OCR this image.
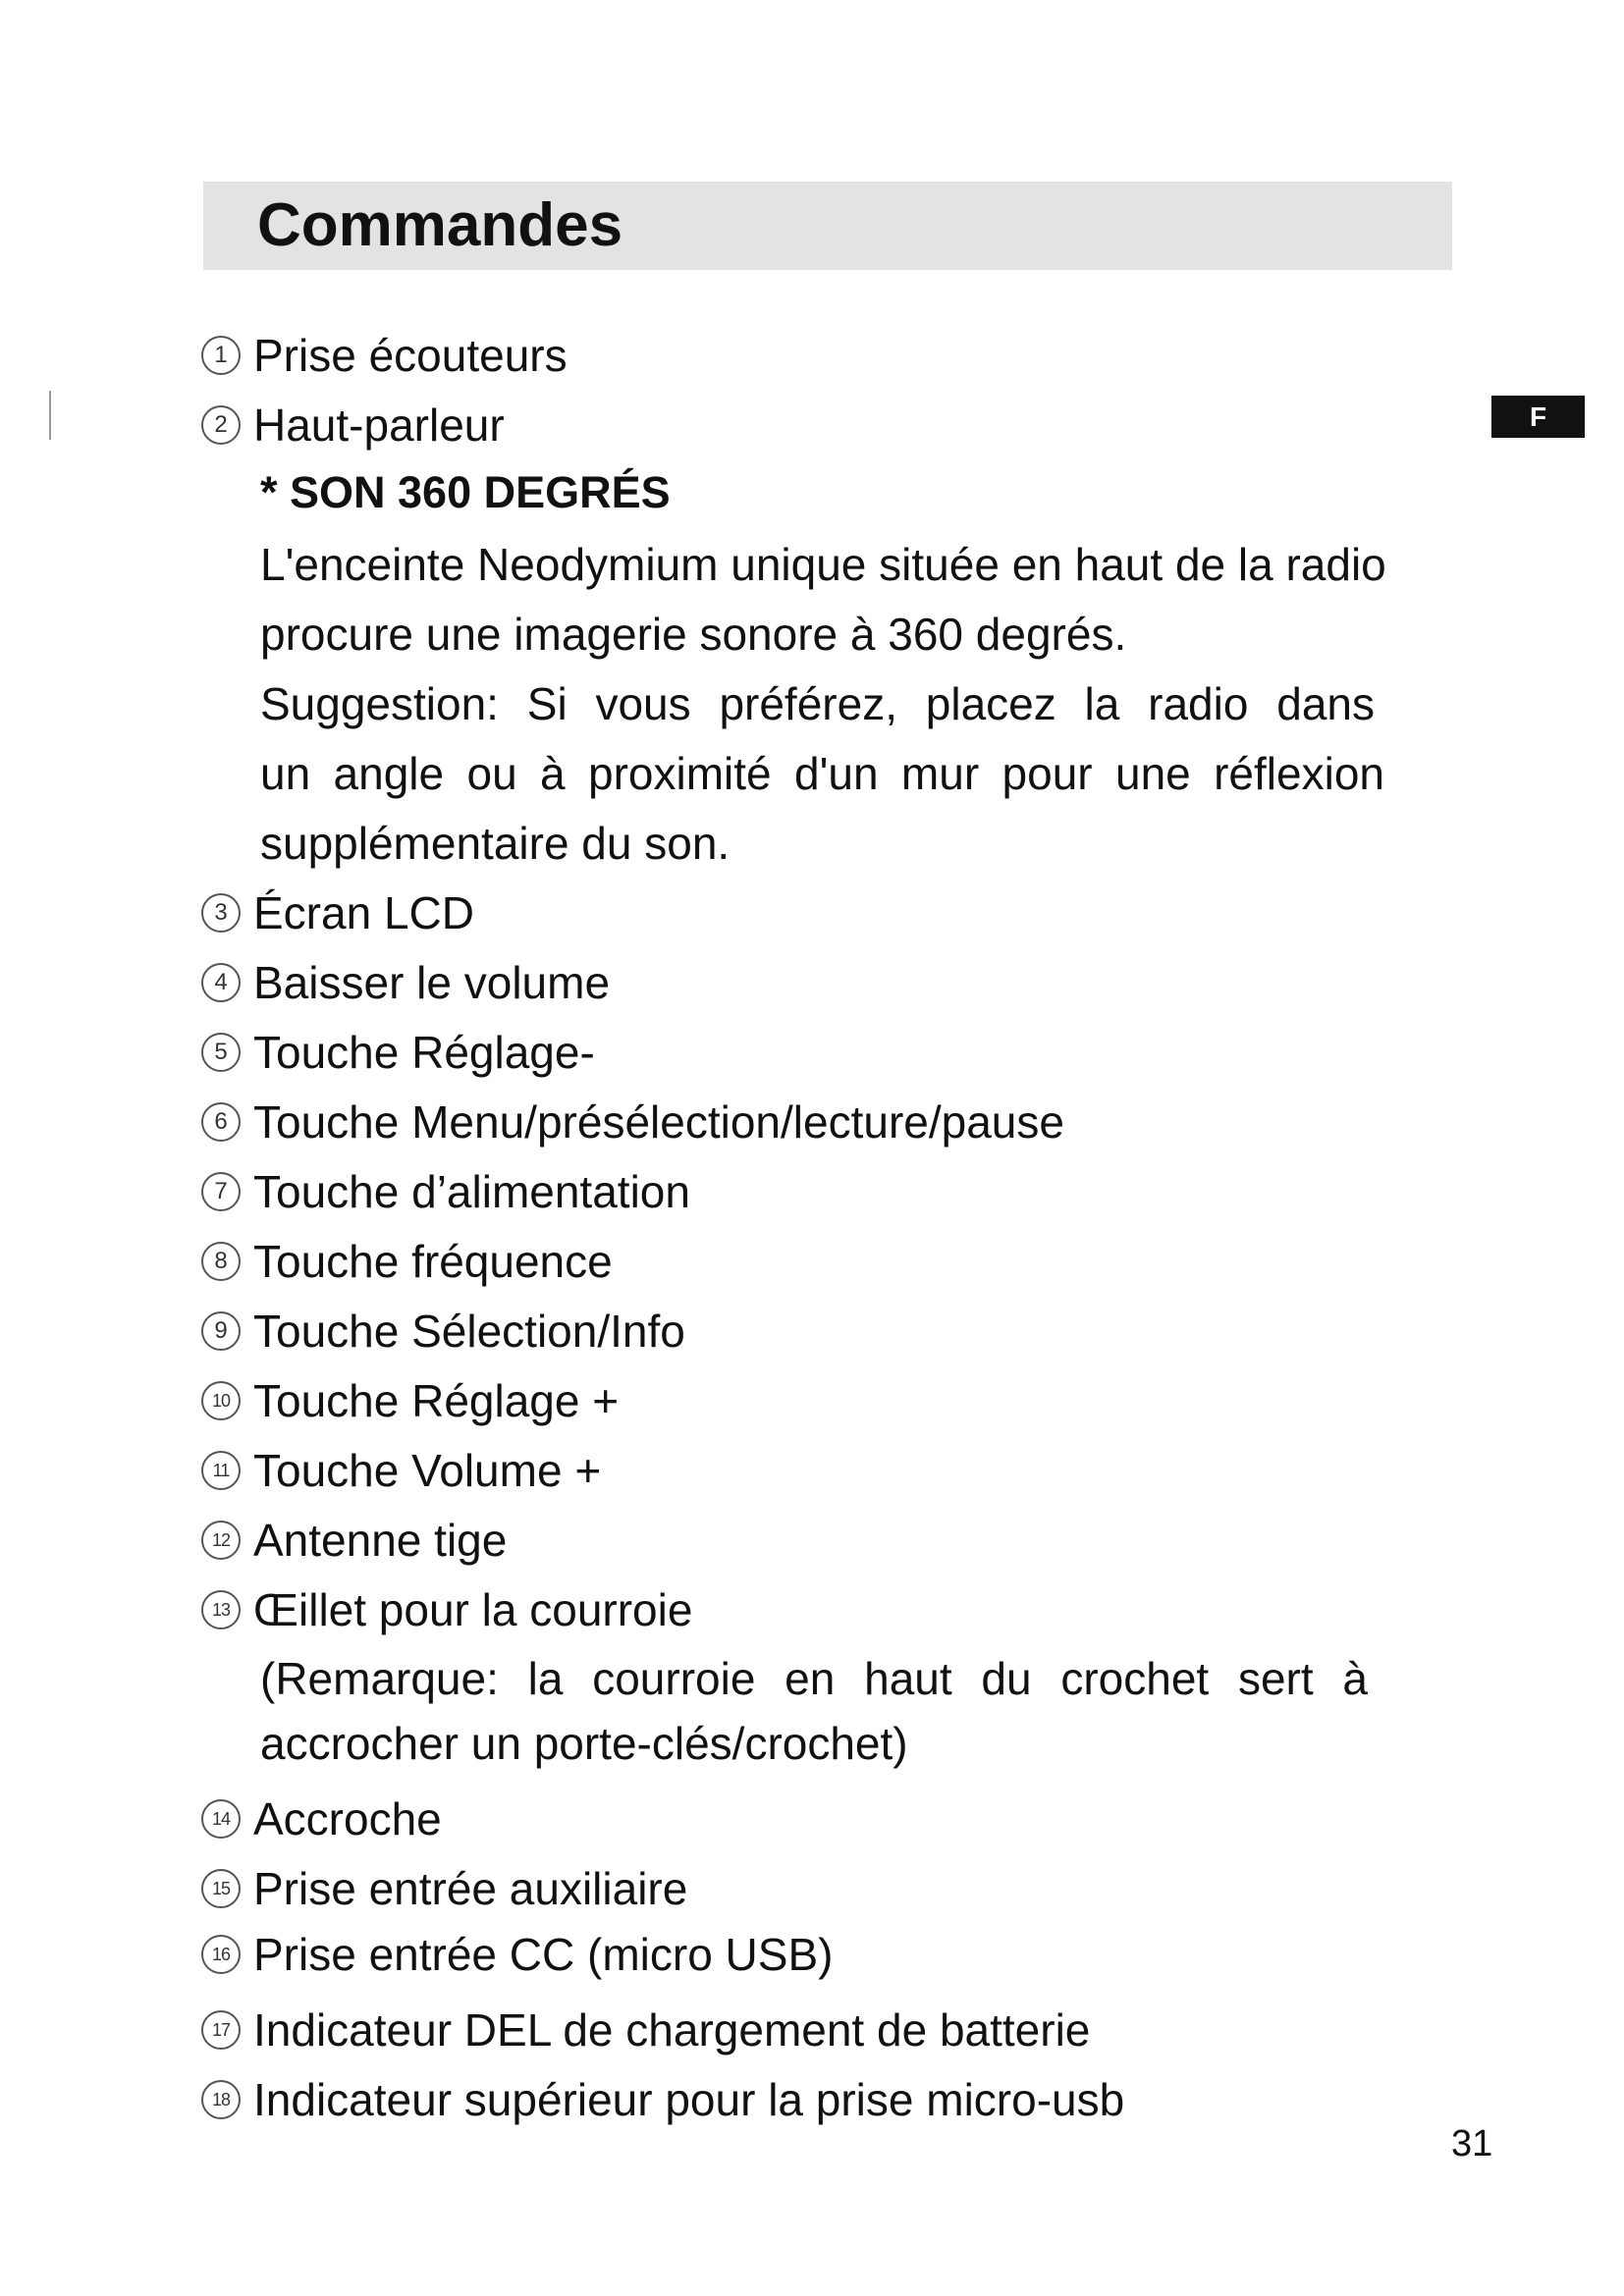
Commandes
F
1 Prise écouteurs
2 Haut-parleur
* SON 360 DEGRÉS
L'enceinte Neodymium unique située en haut de la radio
procure une imagerie sonore à 360 degrés.
Suggestion: Si vous préférez, placez la radio dans
un angle ou à proximité d'un mur pour une réflexion
supplémentaire du son.
3 Écran LCD
4 Baisser le volume
5 Touche Réglage-
6 Touche Menu/présélection/lecture/pause
7 Touche d’alimentation
8 Touche fréquence
9 Touche Sélection/Info
10 Touche Réglage +
11 Touche Volume +
12 Antenne tige
13 Œillet pour la courroie
(Remarque: la courroie en haut du crochet sert à
accrocher un porte-clés/crochet)
14 Accroche
15 Prise entrée auxiliaire
16 Prise entrée CC (micro USB)
17 Indicateur DEL de chargement de batterie
18 Indicateur supérieur pour la prise micro-usb
31
